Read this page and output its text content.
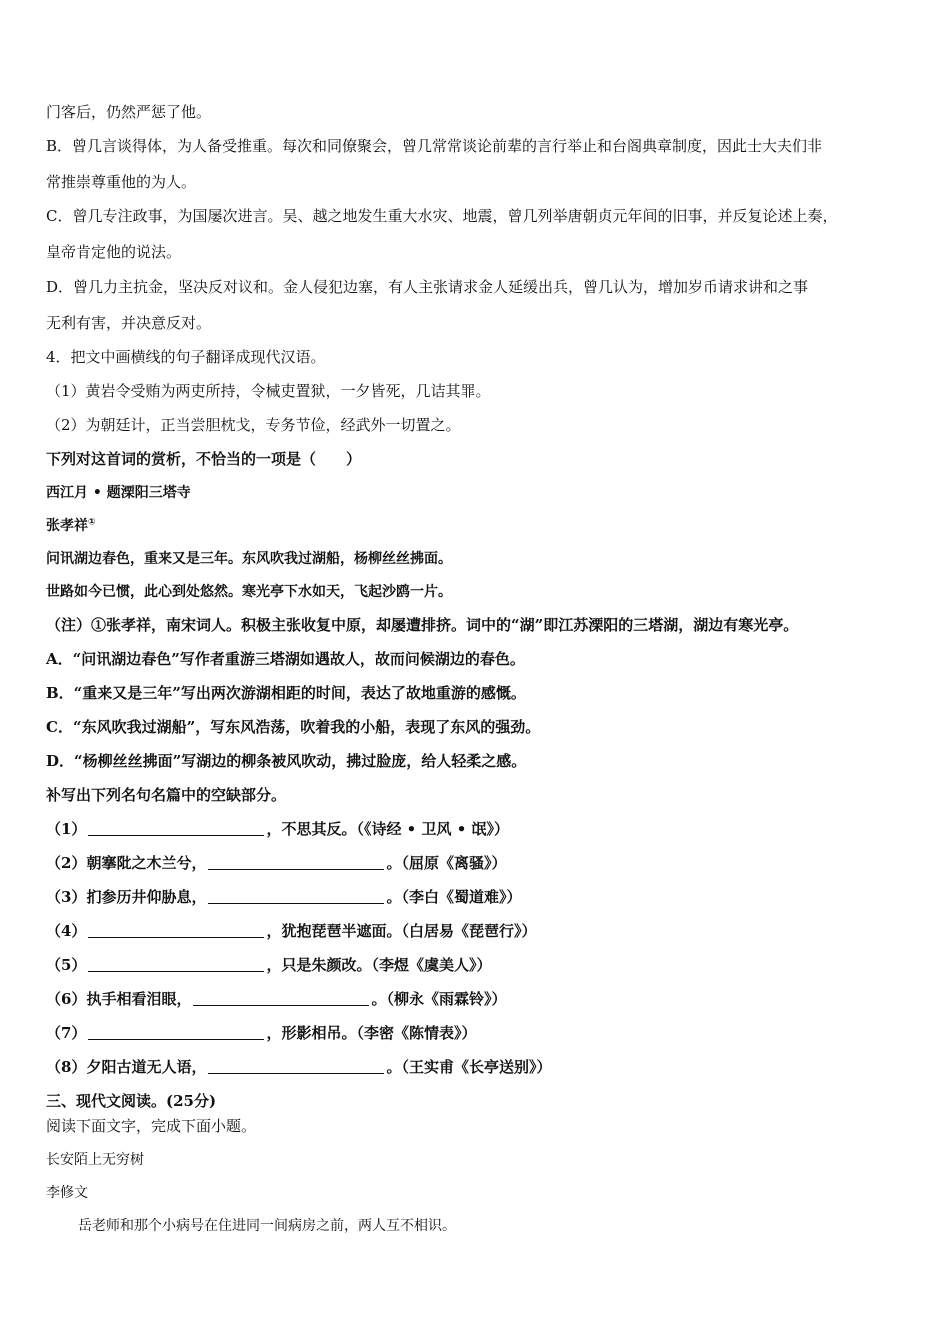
门客后，仍然严惩了他。
B．曾几言谈得体，为人备受推重。每次和同僚聚会，曾几常常谈论前辈的言行举止和台阁典章制度，因此士大夫们非
常推崇尊重他的为人。
C．曾几专注政事，为国屡次进言。吴、越之地发生重大水灾、地震，曾几列举唐朝贞元年间的旧事，并反复论述上奏，
皇帝肯定他的说法。
D．曾几力主抗金，坚决反对议和。金人侵犯边塞，有人主张请求金人延缓出兵，曾几认为，增加岁币请求讲和之事
无利有害，并决意反对。
4．把文中画横线的句子翻译成现代汉语。
（1）黄岩令受贿为两吏所持，令械吏置狱，一夕皆死，几诘其罪。
（2）为朝廷计，正当尝胆枕戈，专务节俭，经武外一切置之。
下列对这首词的赏析，不恰当的一项是（　　）
西江月 • 题溧阳三塔寺
张孝祥①
问讯湖边春色，重来又是三年。东风吹我过湖船，杨柳丝丝拂面。
世路如今已惯，此心到处悠然。寒光亭下水如天，飞起沙鸥一片。
（注）①张孝祥，南宋词人。积极主张收复中原，却屡遭排挤。词中的“湖”即江苏溧阳的三塔湖，湖边有寒光亭。
A．“问讯湖边春色”写作者重游三塔湖如遇故人，故而问候湖边的春色。
B．“重来又是三年”写出两次游湖相距的时间，表达了故地重游的感慨。
C．“东风吹我过湖船”，写东风浩荡，吹着我的小船，表现了东风的强劲。
D．“杨柳丝丝拂面”写湖边的柳条被风吹动，拂过脸庞，给人轻柔之感。
补写出下列名句名篇中的空缺部分。
（1）	，不思其反。（《诗经 • 卫风 • 氓》）
（2）朝搴阰之木兰兮，	。（屈原《离骚》）
（3）扪参历井仰胁息，	。（李白《蜀道难》）
（4）	，犹抱琵琶半遮面。（白居易《琵琶行》）
（5）	，只是朱颜改。（李煜《虞美人》）
（6）执手相看泪眼，	。（柳永《雨霖铃》）
（7）	，形影相吊。（李密《陈情表》）
（8）夕阳古道无人语，	。（王实甫《长亭送别》）
三、现代文阅读。(25分)
阅读下面文字，完成下面小题。
长安陌上无穷树
李修文
岳老师和那个小病号在住进同一间病房之前，两人互不相识。
